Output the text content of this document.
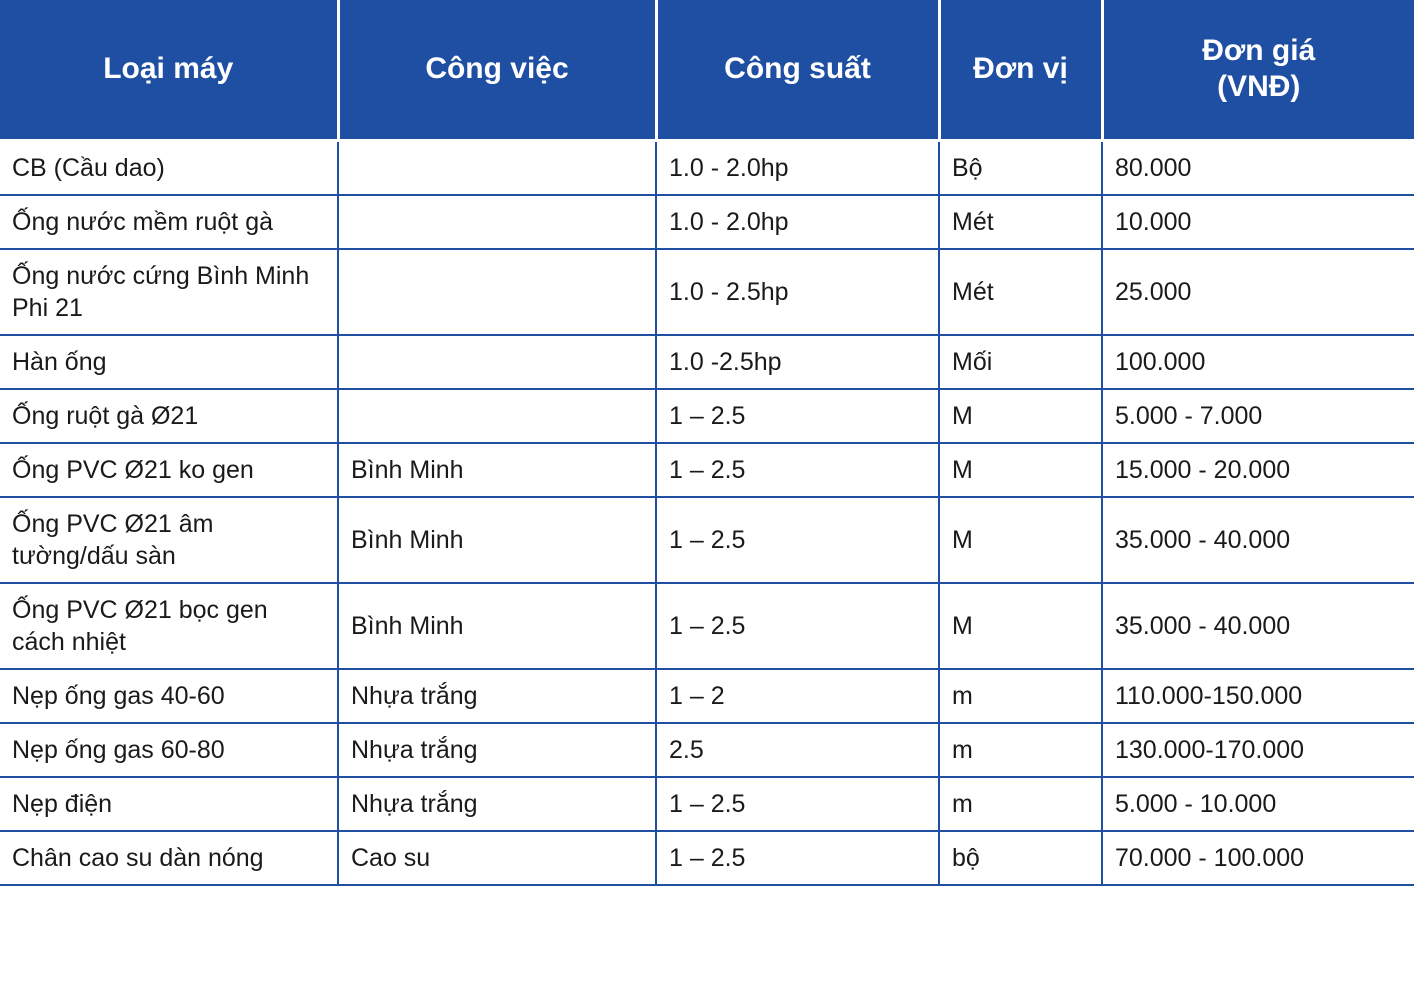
Loại máy	Công việc	Công suất	Đơn vị	Đơn giá
(VNĐ)

CB (Cầu dao)		1.0 - 2.0hp	Bộ	80.000
Ống nước mềm ruột gà		1.0 - 2.0hp	Mét	10.000
Ống nước cứng Bình Minh Phi 21		1.0 - 2.5hp	Mét	25.000
Hàn ống		1.0 -2.5hp	Mối	100.000
Ống ruột gà Ø21		1 – 2.5	M	5.000 - 7.000
Ống PVC Ø21 ko gen	Bình Minh	1 – 2.5	M	15.000 - 20.000
Ống PVC Ø21 âm tường/dấu sàn	Bình Minh	1 – 2.5	M	35.000 - 40.000
Ống PVC Ø21 bọc gen cách nhiệt	Bình Minh	1 – 2.5	M	35.000 - 40.000
Nẹp ống gas 40-60	Nhựa trắng	1 – 2	m	110.000-150.000
Nẹp ống gas 60-80	Nhựa trắng	2.5	m	130.000-170.000
Nẹp điện	Nhựa trắng	1 – 2.5	m	5.000 - 10.000
Chân cao su dàn nóng	Cao su	1 – 2.5	bộ	70.000 - 100.000
